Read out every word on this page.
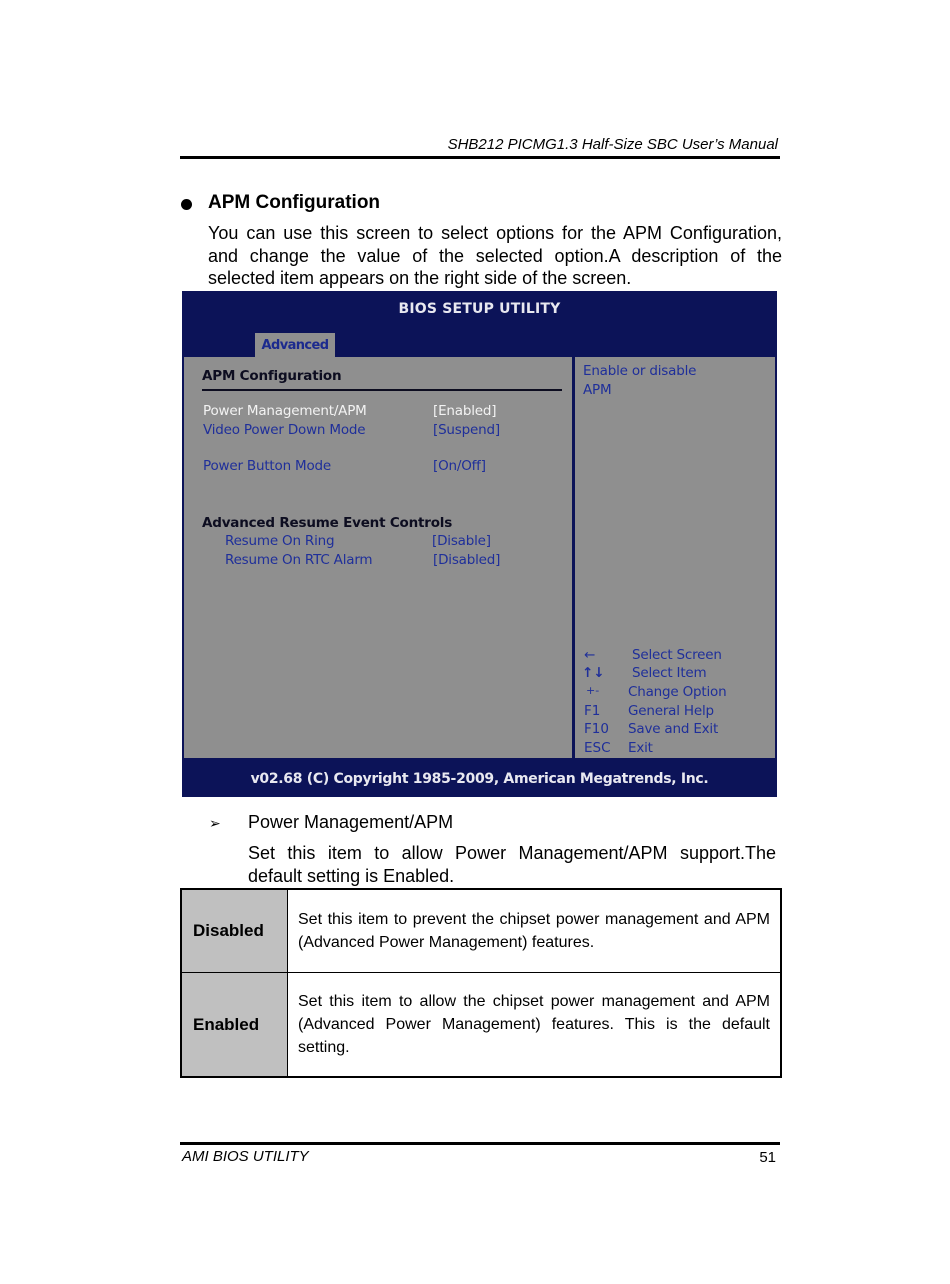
SHB212 PICMG1.3 Half-Size SBC User’s Manual
APM Configuration
You can use this screen to select options for the APM Configuration, and change the value of the selected option.A description of the selected item appears on the right side of the screen.
BIOS SETUP UTILITY
Advanced
APM Configuration
Power Management/APM	[Enabled]
Video Power Down Mode	[Suspend]
Power Button Mode	[On/Off]
Advanced Resume Event Controls
Resume On Ring	[Disable]
Resume On RTC Alarm	[Disabled]
Enable or disable
APM
←	Select Screen
↑↓ Select Item
+- Change Option
F1 General Help
F10 Save and Exit
ESC Exit
v02.68 (C) Copyright 1985-2009, American Megatrends, Inc.
➢ Power Management/APM
Set this item to allow Power Management/APM support.The default setting is Enabled.
Disabled	Set this item to prevent the chipset power management and APM (Advanced Power Management) features.
Enabled	Set this item to allow the chipset power management and APM (Advanced Power Management) features. This is the default setting.
AMI BIOS UTILITY	51
